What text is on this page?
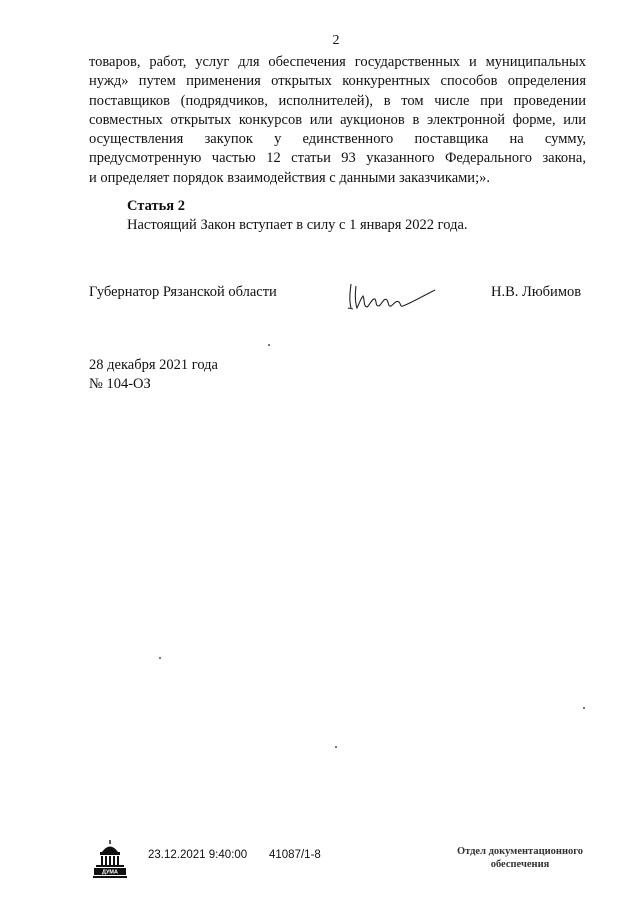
2
товаров, работ, услуг для обеспечения государственных и муниципальных
нужд» путем применения открытых конкурентных способов определения
поставщиков (подрядчиков, исполнителей), в том числе при проведении
совместных открытых конкурсов или аукционов в электронной форме, или
осуществления закупок у единственного поставщика на сумму,
предусмотренную частью 12 статьи 93 указанного Федерального закона,
и определяет порядок взаимодействия с данными заказчиками;».
Статья 2
Настоящий Закон вступает в силу с 1 января 2022 года.
Губернатор Рязанской области	Н.В. Любимов
28 декабря 2021 года
№ 104-ОЗ
ДУМА
23.12.2021 9:40:00 41087/1-8	Отдел документационного
обеспечения
